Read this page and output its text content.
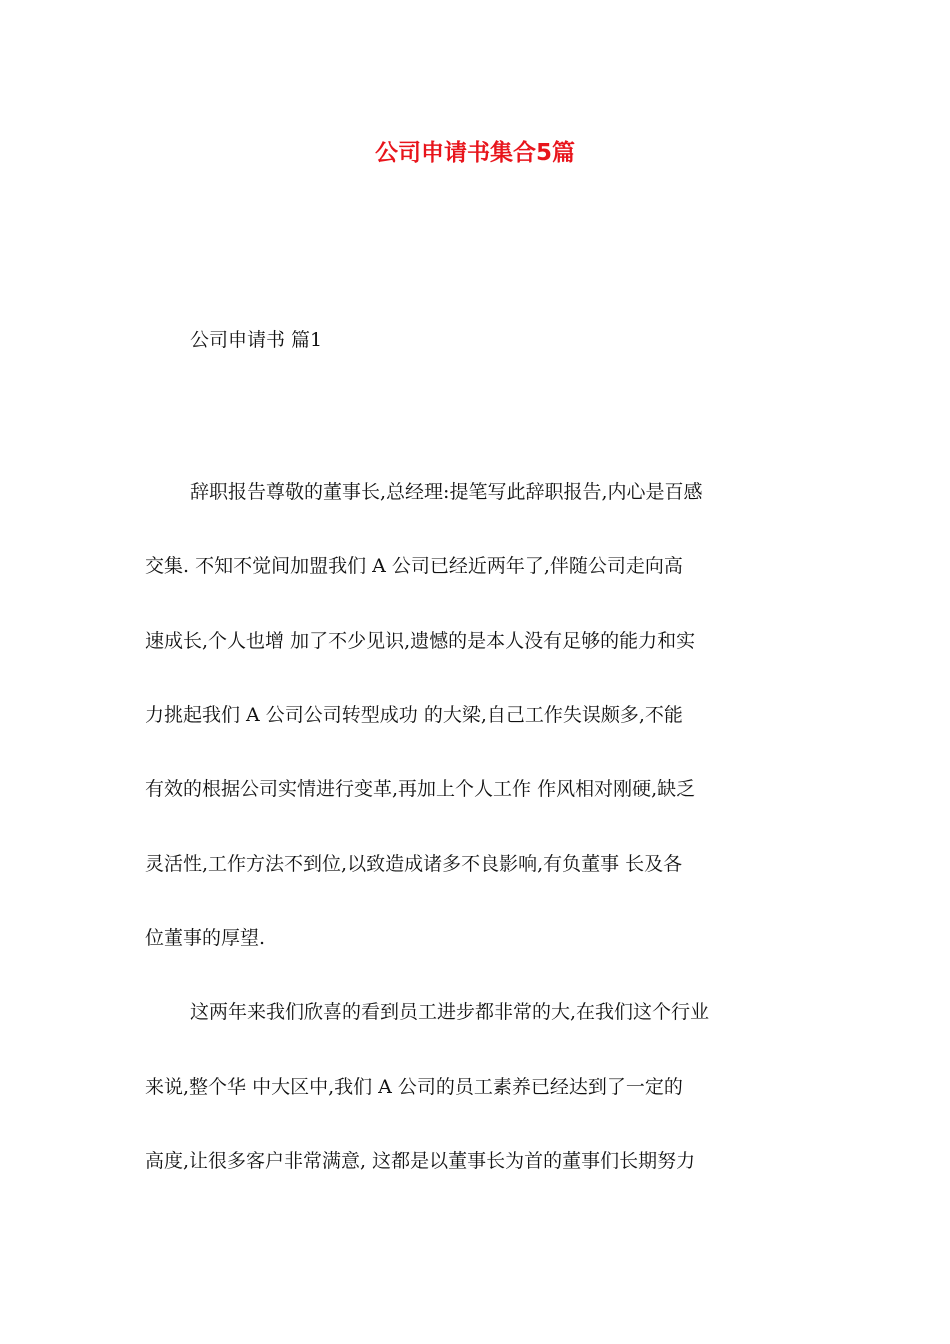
公司申请书集合5篇
公司申请书 篇1
辞职报告尊敬的董事长,总经理:提笔写此辞职报告,内心是百感
交集. 不知不觉间加盟我们 A 公司已经近两年了,伴随公司走向高
速成长,个人也增 加了不少见识,遗憾的是本人没有足够的能力和实
力挑起我们 A 公司公司转型成功 的大梁,自己工作失误颇多,不能
有效的根据公司实情进行变革,再加上个人工作 作风相对刚硬,缺乏
灵活性,工作方法不到位,以致造成诸多不良影响,有负董事 长及各
位董事的厚望.
这两年来我们欣喜的看到员工进步都非常的大,在我们这个行业
来说,整个华 中大区中,我们 A 公司的员工素养已经达到了一定的
高度,让很多客户非常满意, 这都是以董事长为首的董事们长期努力
